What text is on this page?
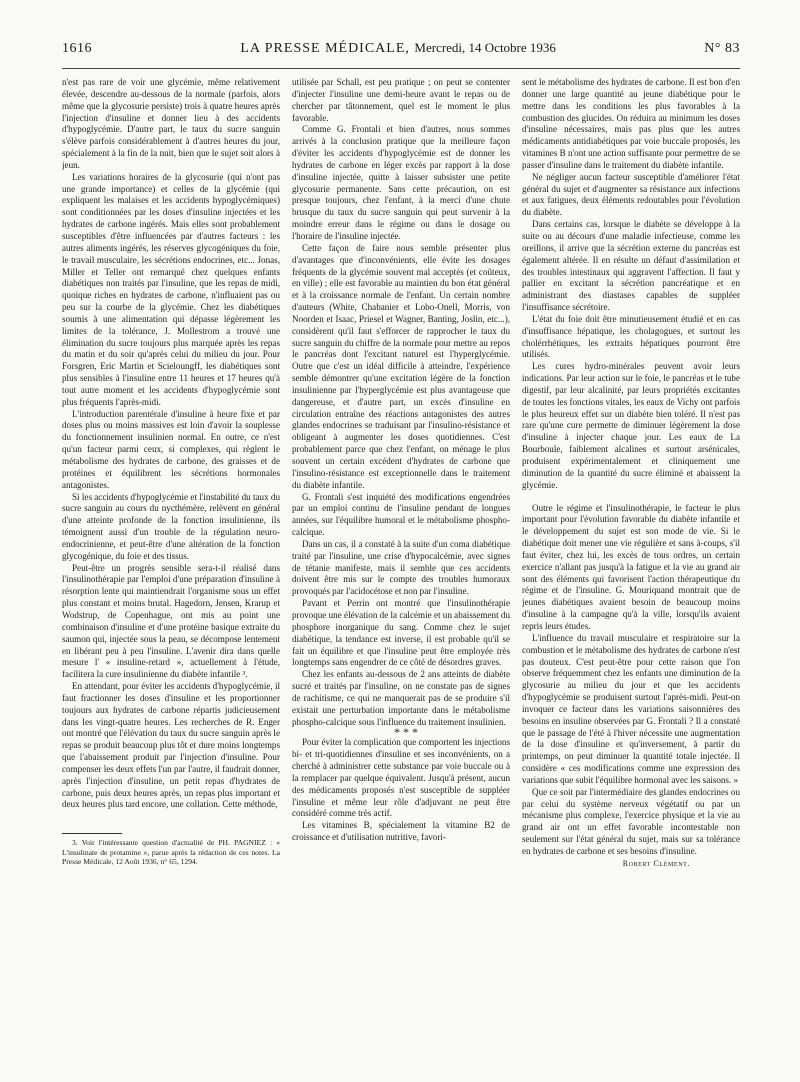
1616	LA PRESSE MÉDICALE, Mercredi, 14 Octobre 1936	N° 83

n'est pas rare de voir une glycémie, même relativement élevée, descendre au-dessous de la normale (parfois, alors même que la glycosurie persiste) trois à quatre heures après l'injection d'insuline et donner lieu à des accidents d'hypoglycémie. D'autre part, le taux du sucre sanguin s'élève parfois considérablement à d'autres heures du jour, spécialement à la fin de la nuit, bien que le sujet soit alors à jeun.

Les variations horaires de la glycosurie (qui n'ont pas une grande importance) et celles de la glycémie (qui expliquent les malaises et les accidents hypoglycémiques) sont conditionnées par les doses d'insuline injectées et les hydrates de carbone ingérés. Mais elles sont probablement susceptibles d'être influencées par d'autres facteurs : les autres aliments ingérés, les réserves glycogéniques du foie, le travail musculaire, les sécrétions endocrines, etc... Jonas, Miller et Teller ont remarqué chez quelques enfants diabétiques non traités par l'insuline, que les repas de midi, quoique riches en hydrates de carbone, n'influaient pas ou peu sur la courbe de la glycémie. Chez les diabétiques soumis à une alimentation qui dépasse légèrement les limites de la tolérance, J. Mollestrom a trouvé une élimination du sucre toujours plus marquée après les repas du matin et du soir qu'après celui du milieu du jour. Pour Forsgren, Eric Martin et Scieloungff, les diabétiques sont plus sensibles à l'insuline entre 11 heures et 17 heures qu'à tout autre moment et les accidents d'hypoglycémie sont plus fréquents l'après-midi.

L'introduction parentérale d'insuline à heure fixe et par doses plus ou moins massives est loin d'avoir la souplesse du fonctionnement insulinien normal. En outre, ce n'est qu'un facteur parmi ceux, si complexes, qui règlent le métabolisme des hydrates de carbone, des graisses et de protéines et équilibrent les sécrétions hormonales antagonistes.

Si les accidents d'hypoglycémie et l'instabilité du taux du sucre sanguin au cours du nycthémère, relèvent en général d'une atteinte profonde de la fonction insulinienne, ils témoignent aussi d'un trouble de la régulation neuro-endocrinienne, et peut-être d'une altération de la fonction glycogénique, du foie et des tissus.

Peut-être un progrès sensible sera-t-il réalisé dans l'insulinothérapie par l'emploi d'une préparation d'insuline à résorption lente qui maintiendrait l'organisme sous un effet plus constant et moins brutal. Hagedorn, Jensen, Krarup et Wodstrup, de Copenhague, ont mis au point une combinaison d'insuline et d'une protéine basique extraite du saumon qui, injectée sous la peau, se décompose lentement en libérant peu à peu l'insuline. L'avenir dira dans quelle mesure l' « insuline-retard », actuellement à l'étude, facilitera la cure insulinienne du diabète infantile ³.

En attendant, pour éviter les accidents d'hypoglycémie, il faut fractionner les doses d'insuline et les proportionner toujours aux hydrates de carbone répartis judicieusement dans les vingt-quatre heures. Les recherches de R. Enger ont montré que l'élévation du taux du sucre sanguin après le repas se produit beaucoup plus tôt et dure moins longtemps que l'abaissement produit par l'injection d'insuline. Pour compenser les deux effets l'un par l'autre, il faudrait donner, après l'injection d'insuline, un petit repas d'hydrates de carbone, puis deux heures après, un repas plus important et deux heures plus tard encore, une collation. Cette méthode,

3. Voir l'intéressante question d'actualité de PH. PAGNIEZ : « L'insulinate de protamine », parue après la rédaction de ces notes. La Presse Médicale, 12 Août 1936, n° 65, 1294.

utilisée par Schall, est peu pratique ; on peut se contenter d'injecter l'insuline une demi-heure avant le repas ou de chercher par tâtonnement, quel est le moment le plus favorable.

Comme G. Frontali et bien d'autres, nous sommes arrivés à la conclusion pratique que la meilleure façon d'éviter les accidents d'hypoglycémie est de donner les hydrates de carbone en léger excès par rapport à la dose d'insuline injectée, quitte à laisser subsister une petite glycosurie permanente. Sans cette précaution, on est presque toujours, chez l'enfant, à la merci d'une chute brusque du taux du sucre sanguin qui peut survenir à la moindre erreur dans le régime ou dans le dosage ou l'horaire de l'insuline injectée.

Cette façon de faire nous semble présenter plus d'avantages que d'inconvénients, elle évite les dosages fréquents de la glycémie souvent mal acceptés (et coûteux, en ville) ; elle est favorable au maintien du bon état général et à la croissance normale de l'enfant. Un certain nombre d'auteurs (White, Chabanier et Lobo-Onell, Morris, von Noorden et Isaac, Priesel et Wagner, Banting, Joslin, etc...), considèrent qu'il faut s'efforcer de rapprocher le taux du sucre sanguin du chiffre de la normale pour mettre au repos le pancréas dont l'excitant naturel est l'hyperglycémie. Outre que c'est un idéal difficile à atteindre, l'expérience semble démontrer qu'une excitation légère de la fonction insulinienne par l'hyperglycémie est plus avantageuse que dangereuse, et d'autre part, un excès d'insuline en circulation entraîne des réactions antagonistes des autres glandes endocrines se traduisant par l'insulino-résistance et obligeant à augmenter les doses quotidiennes. C'est probablement parce que chez l'enfant, on ménage le plus souvent un certain excédent d'hydrates de carbone que l'insulino-résistance est exceptionnelle dans le traitement du diabète infantile.

G. Frontali s'est inquiété des modifications engendrées par un emploi continu de l'insuline pendant de longues années, sur l'équilibre humoral et le métabolisme phospho-calcique.

Dans un cas, il a constaté à la suite d'un coma diabétique traité par l'insuline, une crise d'hypocalcémie, avec signes de tétanie manifeste, mais il semble que ces accidents doivent être mis sur le compte des troubles humoraux provoqués par l'acidocétose et non par l'insuline.

Pavant et Perrin ont montré que l'insulinothérapie provoque une élévation de la calcémie et un abaissement du phosphore inorganique du sang. Comme chez le sujet diabétique, la tendance est inverse, il est probable qu'il se fait un équilibre et que l'insuline peut être employée très longtemps sans engendrer de ce côté de désordres graves.

Chez les enfants au-dessous de 2 ans atteints de diabète sucré et traités par l'insuline, on ne constate pas de signes de rachitisme, ce qui ne manquerait pas de se produire s'il existait une perturbation importante dans le métabolisme phospho-calcique sous l'influence du traitement insulinien.

* * *

Pour éviter la complication que comportent les injections bi- et tri-quotidiennes d'insuline et ses inconvénients, on a cherché à administrer cette substance par voie buccale ou à la remplacer par quelque équivalent. Jusqu'à présent, aucun des médicaments proposés n'est susceptible de suppléer l'insuline et même leur rôle d'adjuvant ne peut être considéré comme très actif.

Les vitamines B, spécialement la vitamine B2 de croissance et d'utilisation nutritive, favori-

sent le métabolisme des hydrates de carbone. Il est bon d'en donner une large quantité au jeune diabétique pour le mettre dans les conditions les plus favorables à la combustion des glucides. On réduira au minimum les doses d'insuline nécessaires, mais pas plus que les autres médicaments antidiabétiques par voie buccale proposés, les vitamines B n'ont une action suffisante pour permettre de se passer d'insuline dans le traitement du diabète infantile.

Ne négliger aucun facteur susceptible d'améliorer l'état général du sujet et d'augmenter sa résistance aux infections et aux fatigues, deux éléments redoutables pour l'évolution du diabète.

Dans certains cas, lorsque le diabète se développe à la suite ou au décours d'une maladie infectieuse, comme les oreillons, il arrive que la sécrétion externe du pancréas est également altérée. Il en résulte un défaut d'assimilation et des troubles intestinaux qui aggravent l'affection. Il faut y pallier en excitant la sécrétion pancréatique et en administrant des diastases capables de suppléer l'insuffisance sécrétoire.

L'état du foie doit être minutieusement étudié et en cas d'insuffisance hépatique, les cholagogues, et surtout les cholérrhétiques, les extraits hépatiques pourront être utilisés.

Les cures hydro-minérales peuvent avoir leurs indications. Par leur action sur le foie, le pancréas et le tube digestif, par leur alcalinité, par leurs propriétés excitantes de toutes les fonctions vitales, les eaux de Vichy ont parfois le plus heureux effet sur un diabète bien toléré. Il n'est pas rare qu'une cure permette de diminuer légèrement la dose d'insuline à injecter chaque jour. Les eaux de La Bourboule, faiblement alcalines et surtout arsénicales, produisent expérimentalement et cliniquement une diminution de la quantité du sucre éliminé et abaissent la glycémie.

Outre le régime et l'insulinothérapie, le facteur le plus important pour l'évolution favorable du diabète infantile et le développement du sujet est son mode de vie. Si le diabétique doit mener une vie régulière et sans à-coups, s'il faut éviter, chez lui, les excès de tous ordres, un certain exercice n'allant pas jusqu'à la fatigue et la vie au grand air sont des éléments qui favorisent l'action thérapeutique du régime et de l'insuline. G. Mouriquand montrait que de jeunes diabétiques avaient besoin de beaucoup moins d'insuline à la campagne qu'à la ville, lorsqu'ils avaient repris leurs études.

L'influence du travail musculaire et respiratoire sur la combustion et le métabolisme des hydrates de carbone n'est pas douteux. C'est peut-être pour cette raison que l'on observe fréquemment chez les enfants une diminution de la glycosurie au milieu du jour et que les accidents d'hypoglycémie se produisent surtout l'après-midi. Peut-on invoquer ce facteur dans les variations saisonnières des besoins en insuline observées par G. Frontali ? Il a constaté que le passage de l'été à l'hiver nécessite une augmentation de la dose d'insuline et qu'inversement, à partir du printemps, on peut diminuer la quantité totale injectée. Il considère « ces modifications comme une expression des variations que subit l'équilibre hormonal avec les saisons. »

Que ce soit par l'intermédiaire des glandes endocrines ou par celui du système nerveux végétatif ou par un mécanisme plus complexe, l'exercice physique et la vie au grand air ont un effet favorable incontestable non seulement sur l'état général du sujet, mais sur sa tolérance en hydrates de carbone et ses besoins d'insuline.

Robert Clément.
